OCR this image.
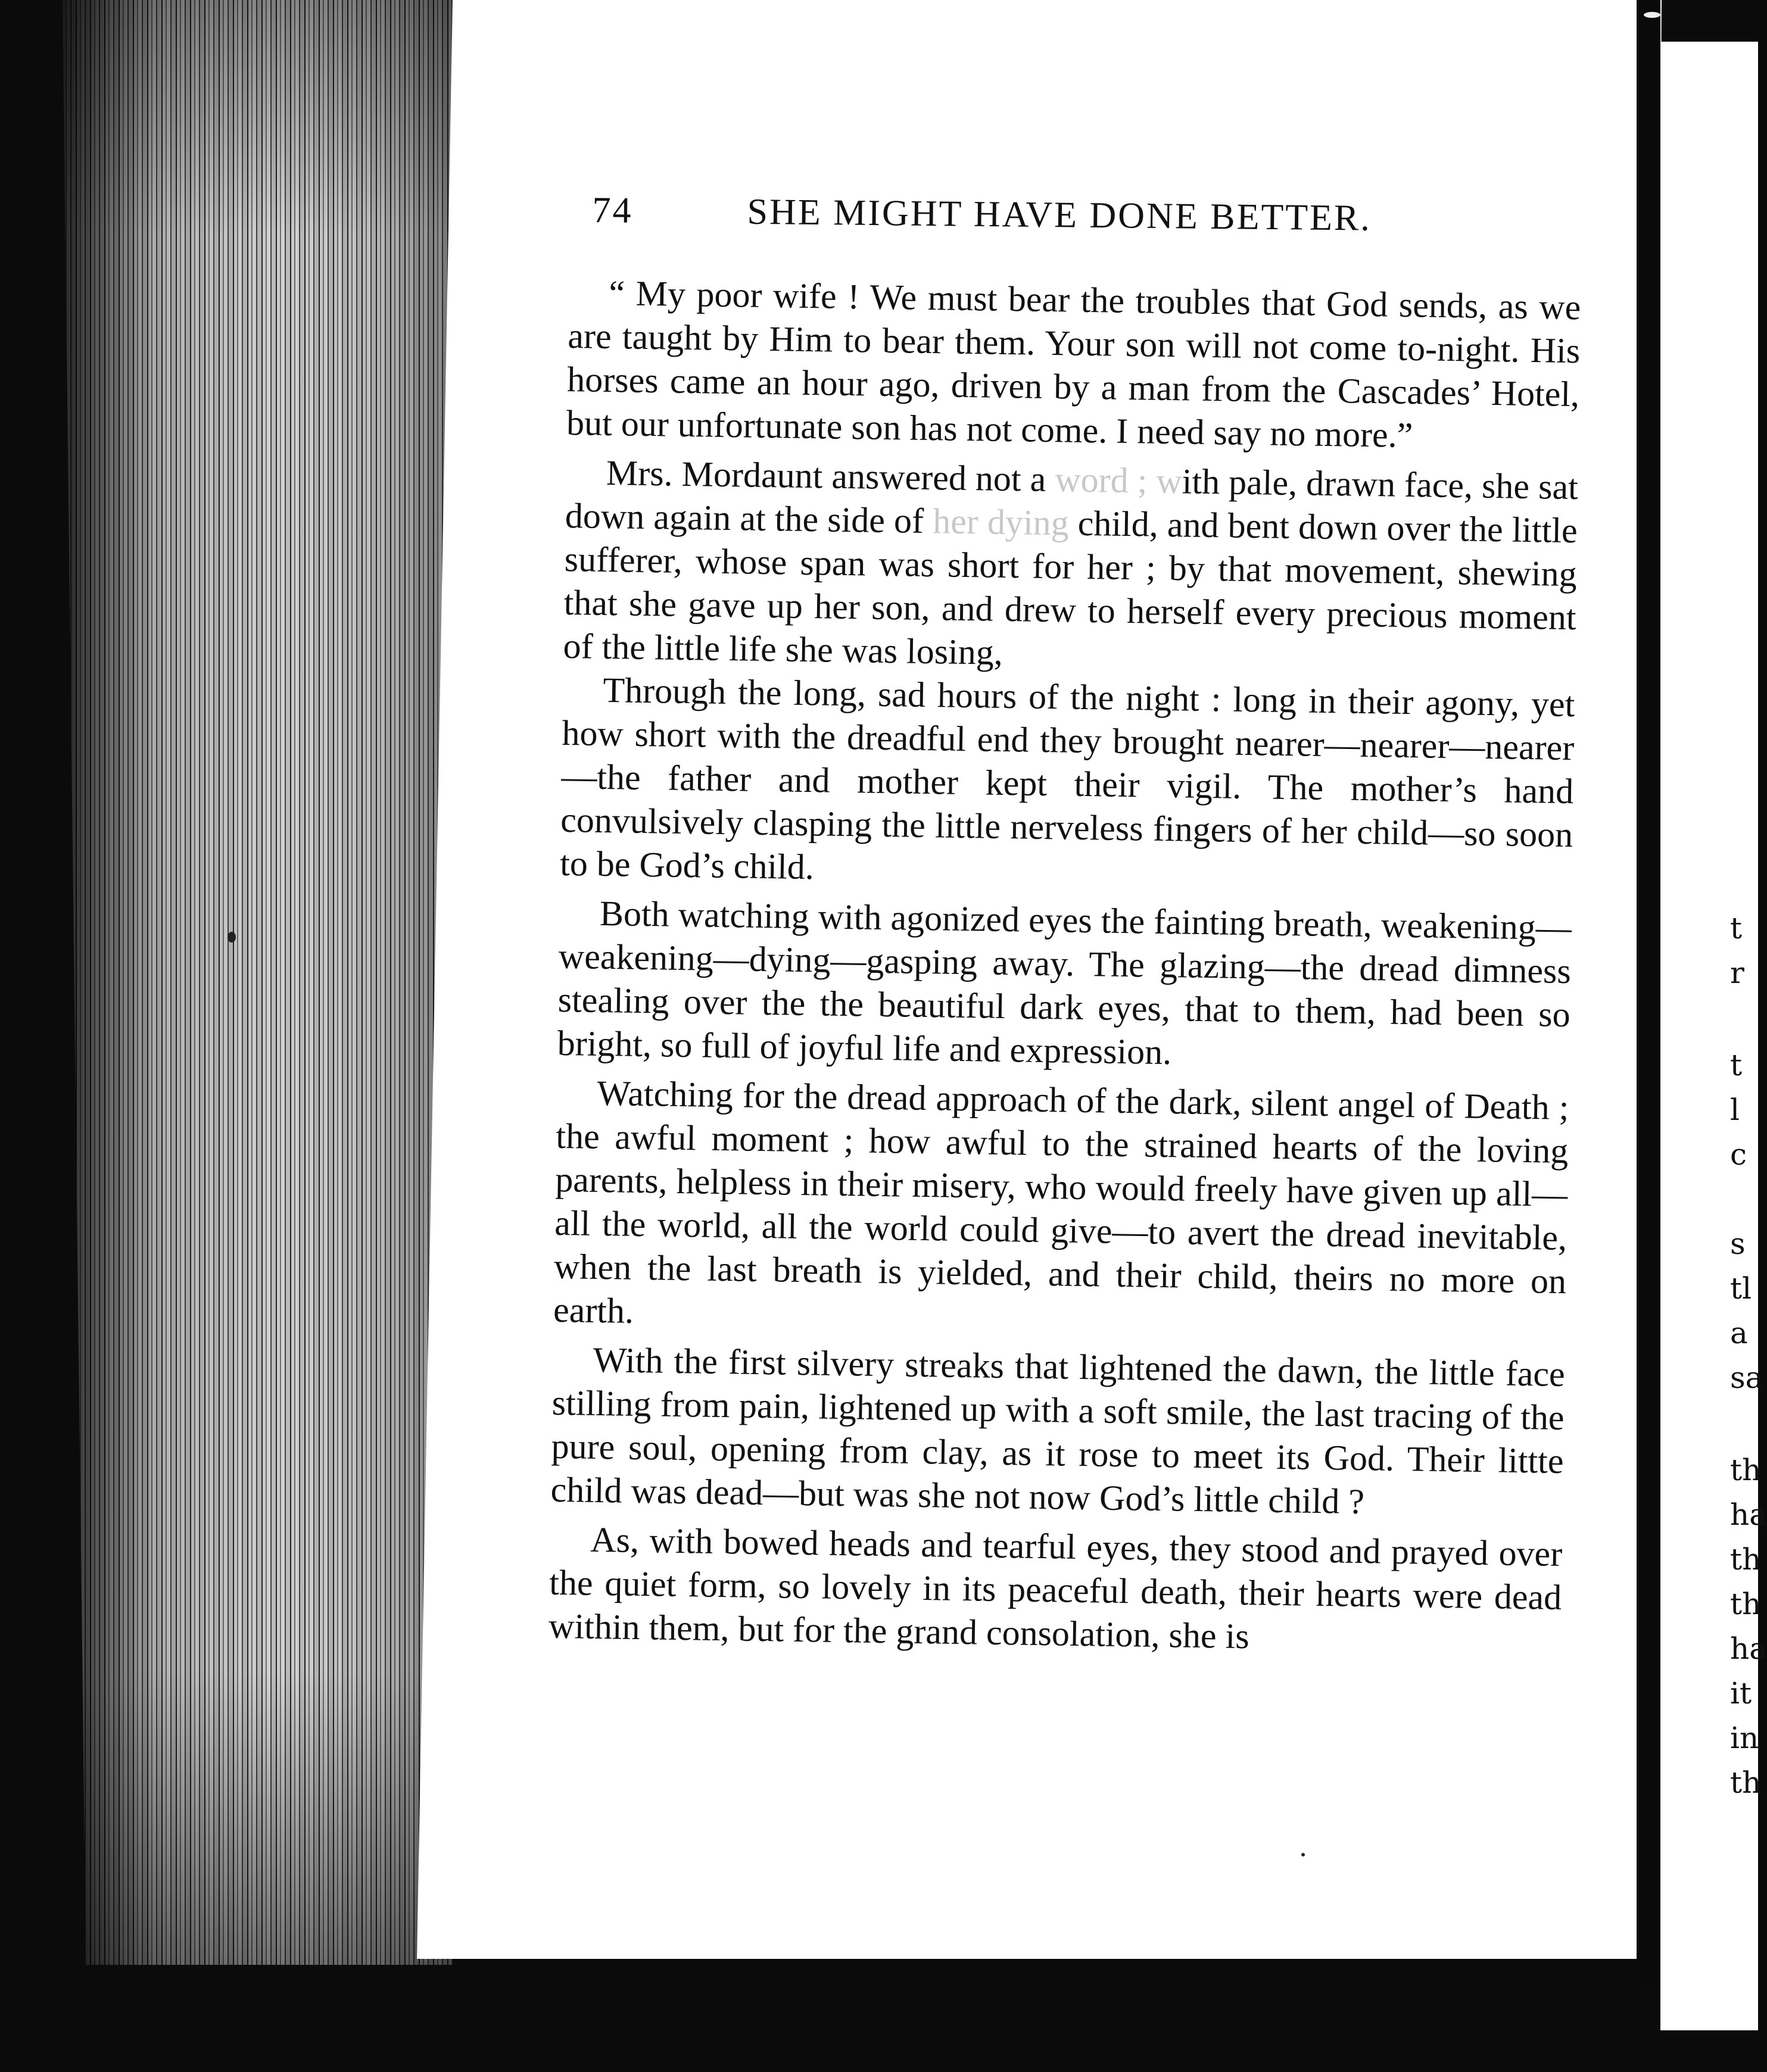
t
r
t
l
c
s
tl
a
sa
th
ha
th
th
ha
it
in
th
74	SHE MIGHT HAVE DONE BETTER.

“ My poor wife ! We must bear the troubles that God sends, as we are taught by Him to bear them. Your son will not come to-night. His horses came an hour ago, driven by a man from the Cascades’ Hotel, but our unfortunate son has not come. I need say no more.”

Mrs. Mordaunt answered not a word ; with pale, drawn face, she sat down again at the side of her dying child, and bent down over the little sufferer, whose span was short for her ; by that movement, shewing that she gave up her son, and drew to herself every precious moment of the little life she was losing,

Through the long, sad hours of the night : long in their agony, yet how short with the dreadful end they brought nearer—nearer—nearer—the father and mother kept their vigil. The mother’s hand convulsively clasping the little nerveless fingers of her child—so soon to be God’s child.

Both watching with agonized eyes the fainting breath, weakening—weakening—dying—gasping away. The glazing—the dread dimness stealing over the the beautiful dark eyes, that to them, had been so bright, so full of joyful life and expression.

Watching for the dread approach of the dark, silent angel of Death ; the awful moment ; how awful to the strained hearts of the loving parents, helpless in their misery, who would freely have given up all—all the world, all the world could give—to avert the dread inevitable, when the last breath is yielded, and their child, theirs no more on earth.

With the first silvery streaks that lightened the dawn, the little face stilling from pain, lightened up with a soft smile, the last tracing of the pure soul, opening from clay, as it rose to meet its God. Their littte child was dead—but was she not now God’s little child ?

As, with bowed heads and tearful eyes, they stood and prayed over the quiet form, so lovely in its peaceful death, their hearts were dead within them, but for the grand consolation, she is
